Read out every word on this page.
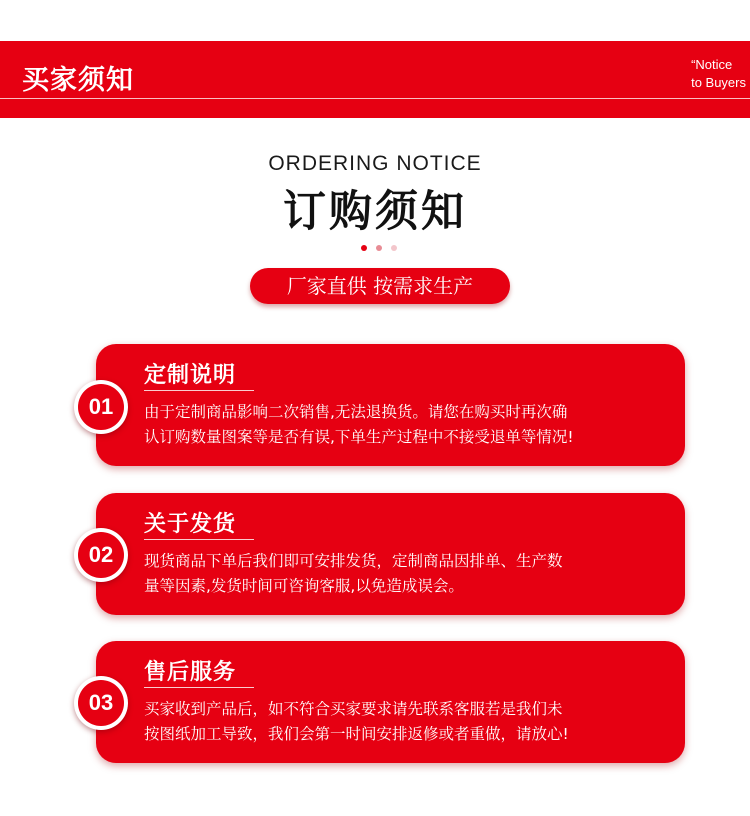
买家须知
“Notice
to Buyers
ORDERING NOTICE
订购须知
厂家直供 按需求生产
定制说明
由于定制商品影响二次销售,无法退换货。请您在购买时再次确
认订购数量图案等是否有误,下单生产过程中不接受退单等情况!
01
关于发货
现货商品下单后我们即可安排发货，定制商品因排单、生产数
量等因素,发货时间可咨询客服,以免造成误会。
02
售后服务
买家收到产品后，如不符合买家要求请先联系客服若是我们未
按图纸加工导致，我们会第一时间安排返修或者重做，请放心!
03
